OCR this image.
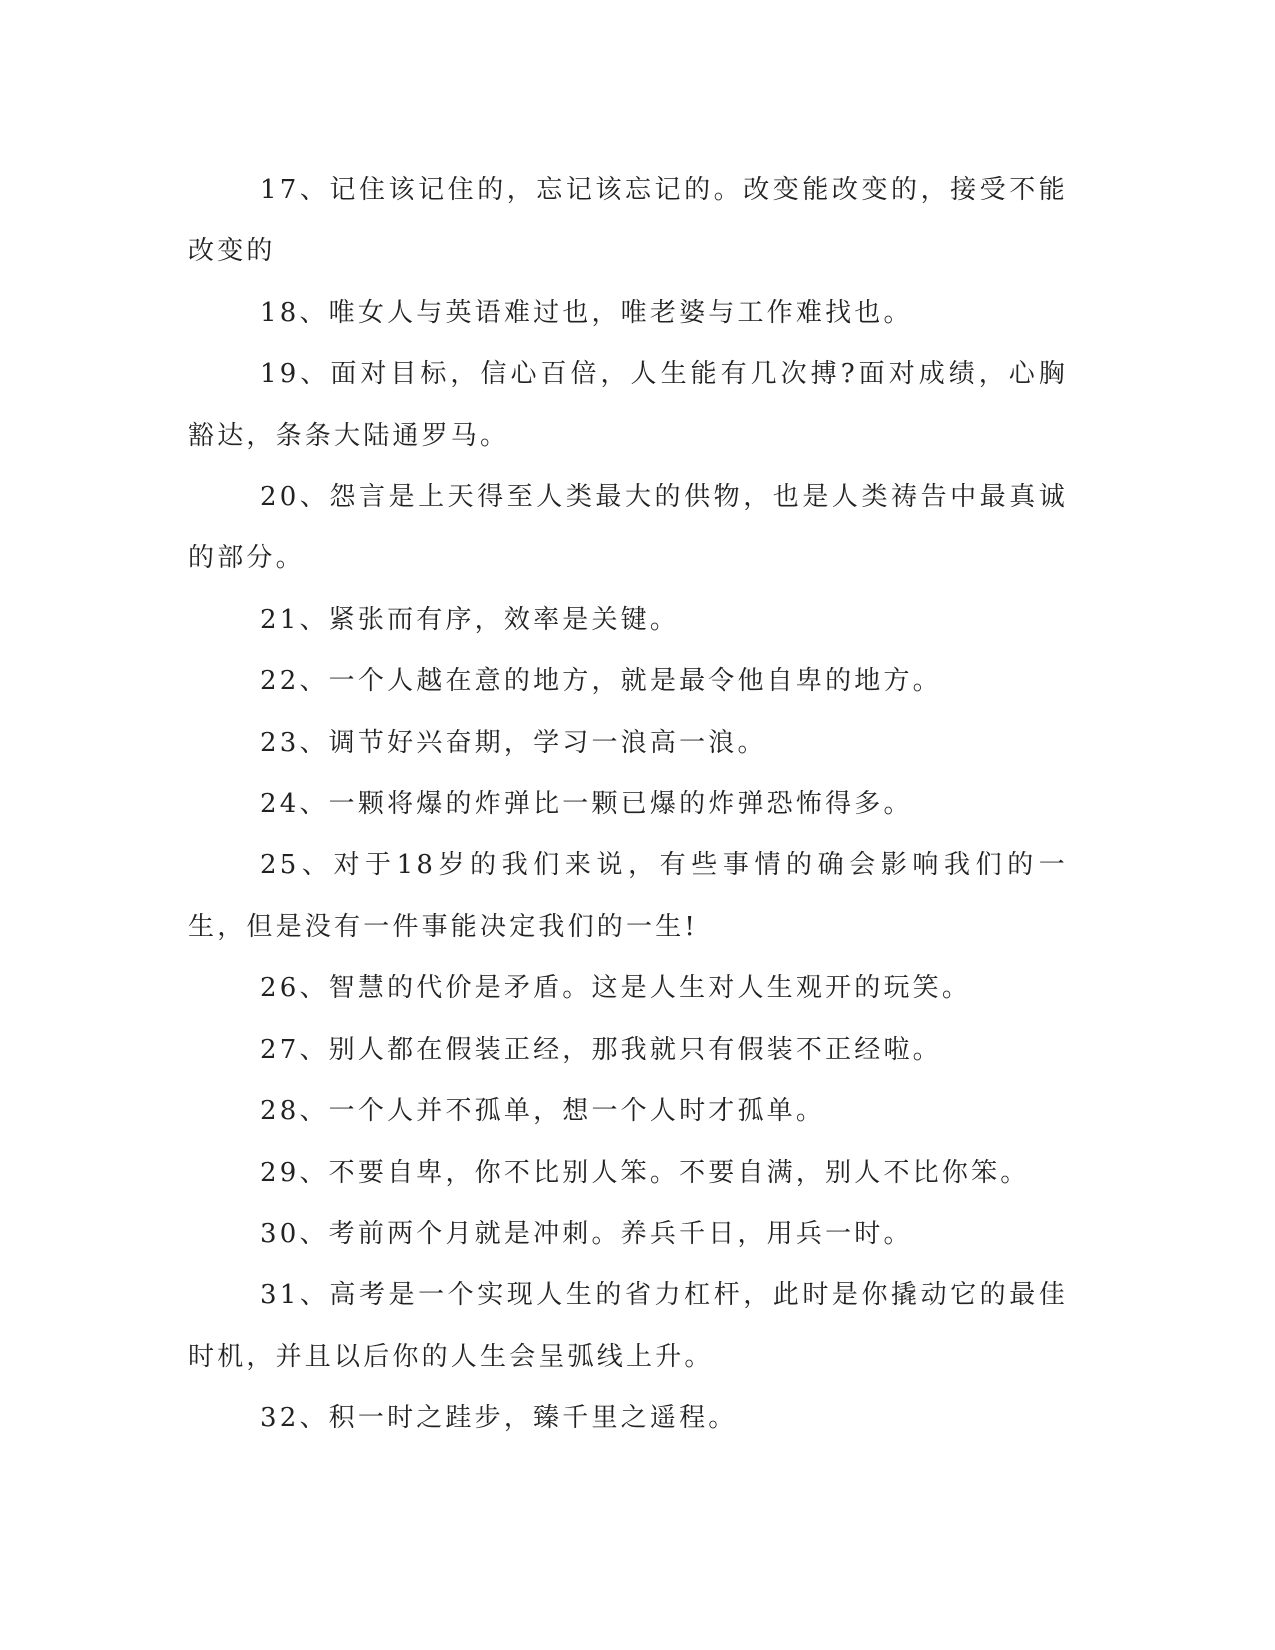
17、记住该记住的，忘记该忘记的。改变能改变的，接受不能改变的

18、唯女人与英语难过也，唯老婆与工作难找也。

19、面对目标，信心百倍，人生能有几次搏?面对成绩，心胸豁达，条条大陆通罗马。

20、怨言是上天得至人类最大的供物，也是人类祷告中最真诚的部分。

21、紧张而有序，效率是关键。

22、一个人越在意的地方，就是最令他自卑的地方。

23、调节好兴奋期，学习一浪高一浪。

24、一颗将爆的炸弹比一颗已爆的炸弹恐怖得多。

25、对于18岁的我们来说，有些事情的确会影响我们的一生，但是没有一件事能决定我们的一生!

26、智慧的代价是矛盾。这是人生对人生观开的玩笑。

27、别人都在假装正经，那我就只有假装不正经啦。

28、一个人并不孤单，想一个人时才孤单。

29、不要自卑，你不比别人笨。不要自满，别人不比你笨。

30、考前两个月就是冲刺。养兵千日，用兵一时。

31、高考是一个实现人生的省力杠杆，此时是你撬动它的最佳时机，并且以后你的人生会呈弧线上升。

32、积一时之跬步，臻千里之遥程。
